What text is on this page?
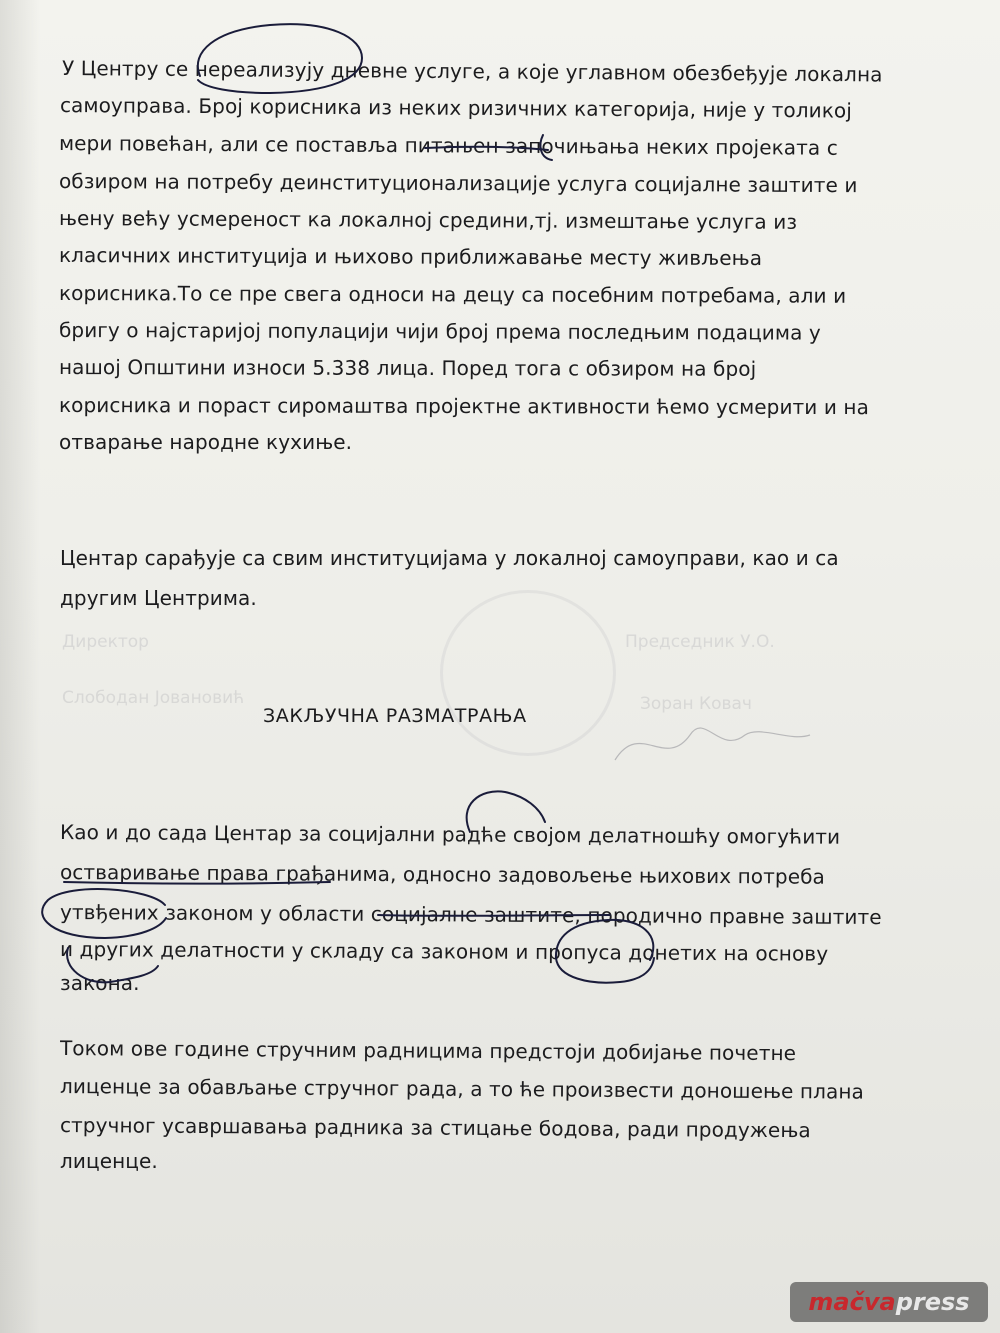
Директор
Слободан Јовановић
Председник У.О.
Зоран Ковач
У Центру се нереализују дневне услуге, а које углавном обезбеђује локална
самоуправа. Број корисника из неких ризичних категорија, није у толикој
мери повећан, али се поставља питањен започињања неких пројеката с
обзиром на потребу деинституционализације услуга социјалне заштите и
њену већу усмереност ка локалној средини,тј. измештање услуга из
класичних институција и њихово приближавање месту живљења
корисника.То се пре свега односи на децу са посебним потребама, али и
бригу о најстаријој популацији чији број према последњим подацима у
нашој Општини износи 5.338 лица. Поред тога с обзиром на број
корисника и пораст сиромаштва пројектне активности ћемо усмерити и на
отварање народне кухиње.
Центар сарађује са свим институцијама у локалној самоуправи, као и са
другим Центрима.
ЗАКЉУЧНА РАЗМАТРАЊА
Као и до сада Центар за социјални радће својом делатношћу омогућити
остваривање права грађанима, односно задовољење њихових потреба
утвђених законом у области социјалне заштите, породично правне заштите
и других делатности у складу са законом и пропуса донетих на основу
закона.
Током ове године стручним радницима предстоји добијање почетне
лиценце за обављање стручног рада, а то ће произвести доношење плана
стручног усавршавања радника за стицање бодова, ради продужења
лиценце.
mačva press
